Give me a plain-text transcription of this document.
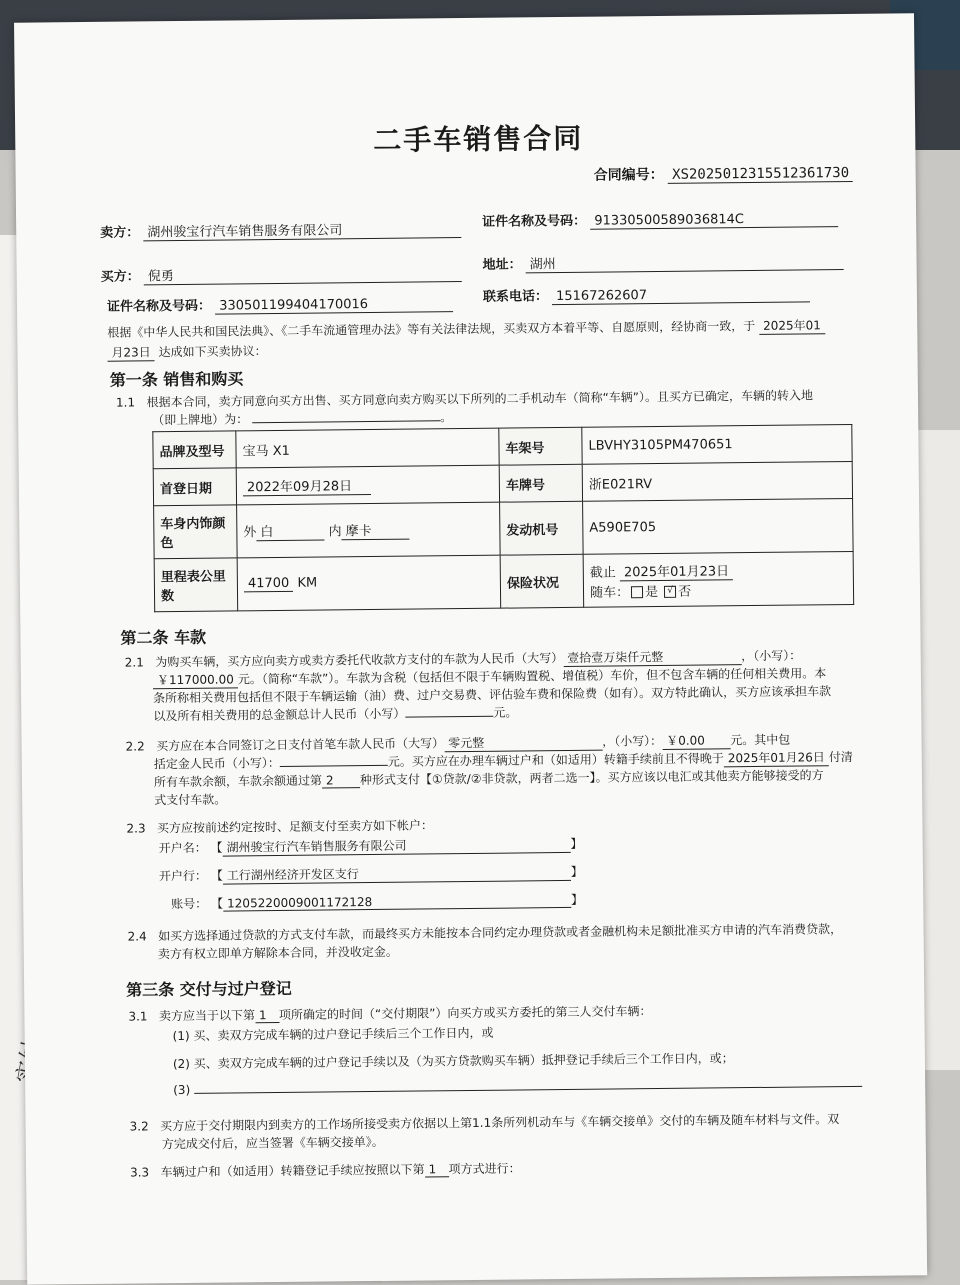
二手车销售合同
合同编号： XS20250123155123617​30
卖方： 湖州骏宝行汽车销售服务有限公司
证件名称及号码： 91330500589036814C
买方： 倪勇
地址： 湖州
证件名称及号码： 330501199404170016
联系电话： 15167262607
根据《中华人民共和国民法典》、《二手车流通管理办法》等有关法律法规，买卖双方本着平等、自愿原则，经协商一致，于 2025年01
月23日 达成如下买卖协议：
第一条 销售和购买
1.1 根据本合同，卖方同意向买方出售、买方同意向卖方购买以下所列的二手机动车（简称“车辆”）。且买方已确定，车辆的转入地
（即上牌地）为：	。
品牌及型号	宝马 X1	车架号	LBVHY3105PM470651
首登日期	2022年09月28日	车牌号	浙E021RV
车身内饰颜色	外 白 内 摩卡	发动机号	A590E705
里程表公里数	41700 KM	保险状况	截止 2025年01月23日
随车： 是 √ 否
第二条 车款
2.1 为购买车辆，买方应向卖方或卖方委托代收款方支付的车款为人民币（大写） 壹拾壹万柒仟元整	，（小写）：
￥117000.00 元。（简称“车款”）。车款为含税（包括但不限于车辆购置税、增值税）车价，但不包含车辆的任何相关费用。本
条所称相关费用包括但不限于车辆运输（油）费、过户交易费、评估验车费和保险费（如有）。双方特此确认，买方应该承担车款
以及所有相关费用的总金额总计人民币（小写）	元。
2.2 买方应在本合同签订之日支付首笔车款人民币（大写） 零元整	，（小写）： ￥0.00 元。其中包
括定金人民币（小写）：	元。买方应在办理车辆过户和（如适用）转籍手续前且不得晚于 2025年01月26日 付清
所有车款余额，车款余额通过第 2 种形式支付【①贷款/②非贷款，两者二选一】。买方应该以电汇或其他卖方能够接受的方
式支付车款。
2.3 买方应按前述约定按时、足额支付至卖方如下帐户：
开户名： 【 湖州骏宝行汽车销售服务有限公司	】
开户行： 【 工行湖州经济开发区支行	】
账号： 【 1205220009001172128	】
2.4 如买方选择通过贷款的方式支付车款，而最终买方未能按本合同约定办理贷款或者金融机构未足额批准买方申请的汽车消费贷款，
卖方有权立即单方解除本合同，并没收定金。
第三条 交付与过户登记
3.1 卖方应当于以下第 1 项所确定的时间（“交付期限”）向买方或买方委托的第三人交付车辆：
(1) 买、卖双方完成车辆的过户登记手续后三个工作日内，或
(2) 买、卖双方完成车辆的过户登记手续以及（为买方贷款购买车辆）抵押登记手续后三个工作日内，或；
(3)
3.2 买方应于交付期限内到卖方的工作场所接受卖方依据以上第1.1条所列机动车与《车辆交接单》交付的车辆及随车材料与文件。双
方完成交付后，应当签署《车辆交接单》。
3.3 车辆过户和（如适用）转籍登记手续应按照以下第 1 项方式进行：
